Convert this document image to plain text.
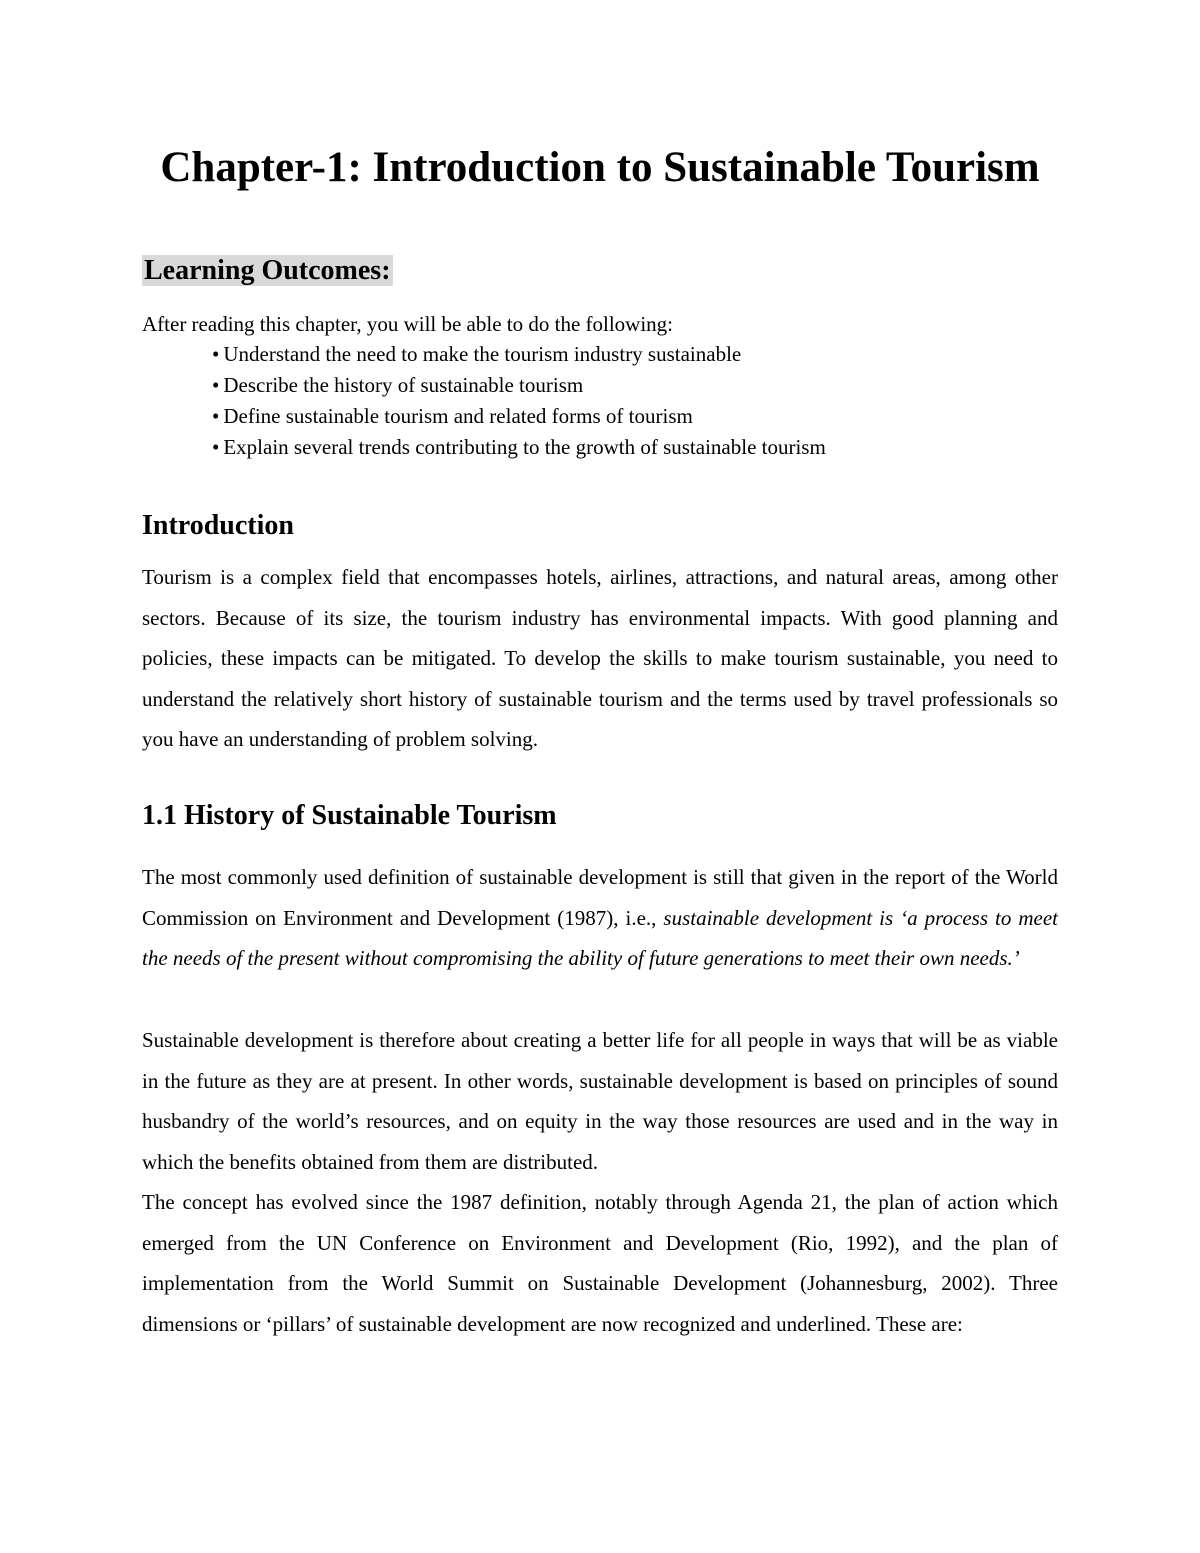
Chapter-1: Introduction to Sustainable Tourism
Learning Outcomes:

After reading this chapter, you will be able to do the following:

• Understand the need to make the tourism industry sustainable
• Describe the history of sustainable tourism
• Define sustainable tourism and related forms of tourism
• Explain several trends contributing to the growth of sustainable tourism
Introduction

Tourism is a complex field that encompasses hotels, airlines, attractions, and natural areas, among other sectors. Because of its size, the tourism industry has environmental impacts. With good planning and policies, these impacts can be mitigated. To develop the skills to make tourism sustainable, you need to understand the relatively short history of sustainable tourism and the terms used by travel professionals so you have an understanding of problem solving.

1.1 History of Sustainable Tourism

The most commonly used definition of sustainable development is still that given in the report of the World Commission on Environment and Development (1987), i.e., sustainable development is ‘a process to meet the needs of the present without compromising the ability of future generations to meet their own needs.’

Sustainable development is therefore about creating a better life for all people in ways that will be as viable in the future as they are at present. In other words, sustainable development is based on principles of sound husbandry of the world’s resources, and on equity in the way those resources are used and in the way in which the benefits obtained from them are distributed.

The concept has evolved since the 1987 definition, notably through Agenda 21, the plan of action which emerged from the UN Conference on Environment and Development (Rio, 1992), and the plan of implementation from the World Summit on Sustainable Development (Johannesburg, 2002). Three dimensions or ‘pillars’ of sustainable development are now recognized and underlined. These are:
